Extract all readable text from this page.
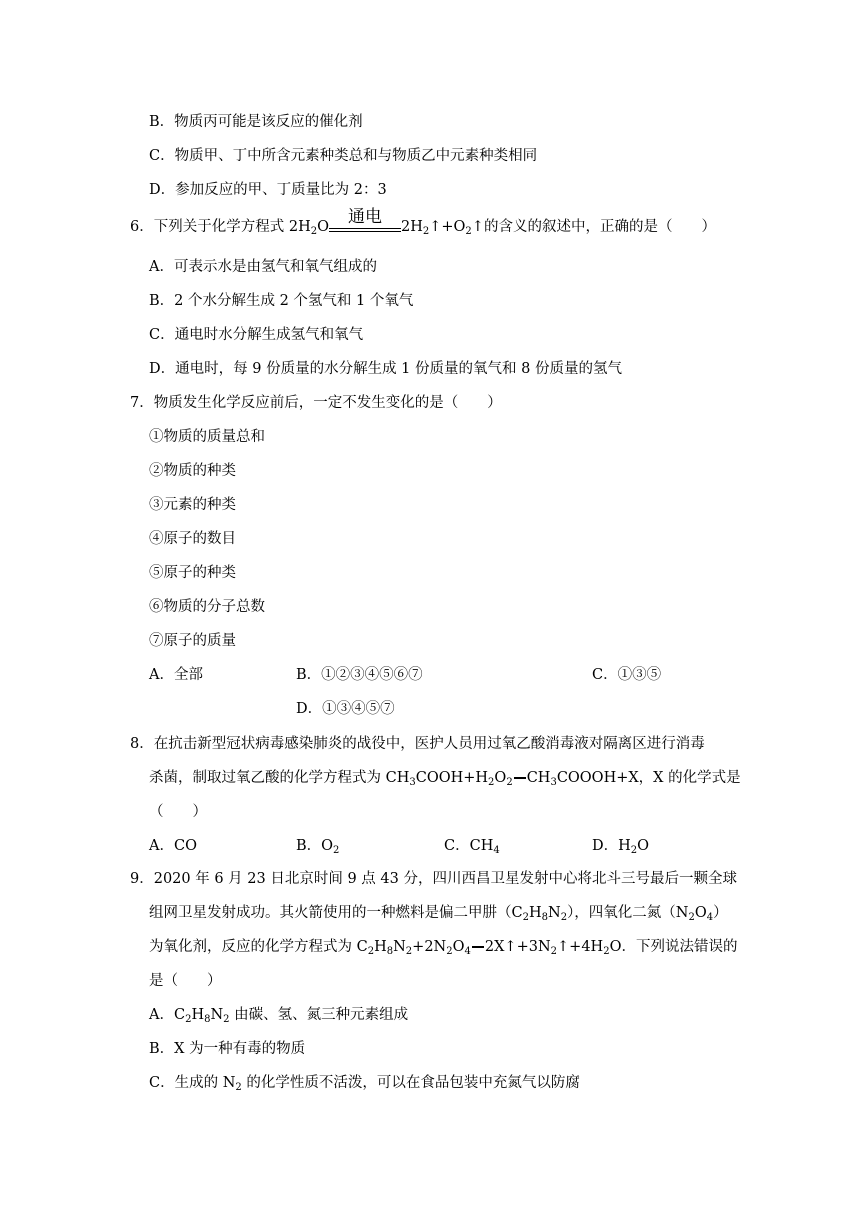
B．物质丙可能是该反应的催化剂
C．物质甲、丁中所含元素种类总和与物质乙中元素种类相同
D．参加反应的甲、丁质量比为 2：3
6．下列关于化学方程式 $2H_2O$	通电	$2H_2↑+O_2↑$的含义的叙述中，正确的是（　　）
A．可表示水是由氢气和氧气组成的
B．2 个水分解生成 2 个氢气和 1 个氧气
C．通电时水分解生成氢气和氧气
D．通电时，每 9 份质量的水分解生成 1 份质量的氧气和 8 份质量的氢气
7．物质发生化学反应前后，一定不发生变化的是（　　）
①物质的质量总和
②物质的种类
③元素的种类
④原子的数目
⑤原子的种类
⑥物质的分子总数
⑦原子的质量
A．全部	B．①②③④⑤⑥⑦	C．①③⑤
D．①③④⑤⑦
8．在抗击新型冠状病毒感染肺炎的战役中，医护人员用过氧乙酸消毒液对隔离区进行消毒
杀菌，制取过氧乙酸的化学方程式为 $CH_3COOH+H_2O_2$ $CH_3COOOH+X$，X 的化学式是
（　　）
A．CO	B．$O_2$	C．$CH_4$	D．$H_2O$
9．2020 年 6 月 23 日北京时间 9 点 43 分，四川西昌卫星发射中心将北斗三号最后一颗全球
组网卫星发射成功。其火箭使用的一种燃料是偏二甲肼$(C_2H_8N_2)$，四氧化二氮$(N_2O_4)$
为氧化剂，反应的化学方程式为 $C_2H_8N_2+2N_2O_4$ $2X↑+3N_2↑+4H_2O$．下列说法错误的
是（　　）
A．$C_2H_8N_2$ 由碳、氢、氮三种元素组成
B．X 为一种有毒的物质
C．生成的 $N_2$ 的化学性质不活泼，可以在食品包装中充氮气以防腐
